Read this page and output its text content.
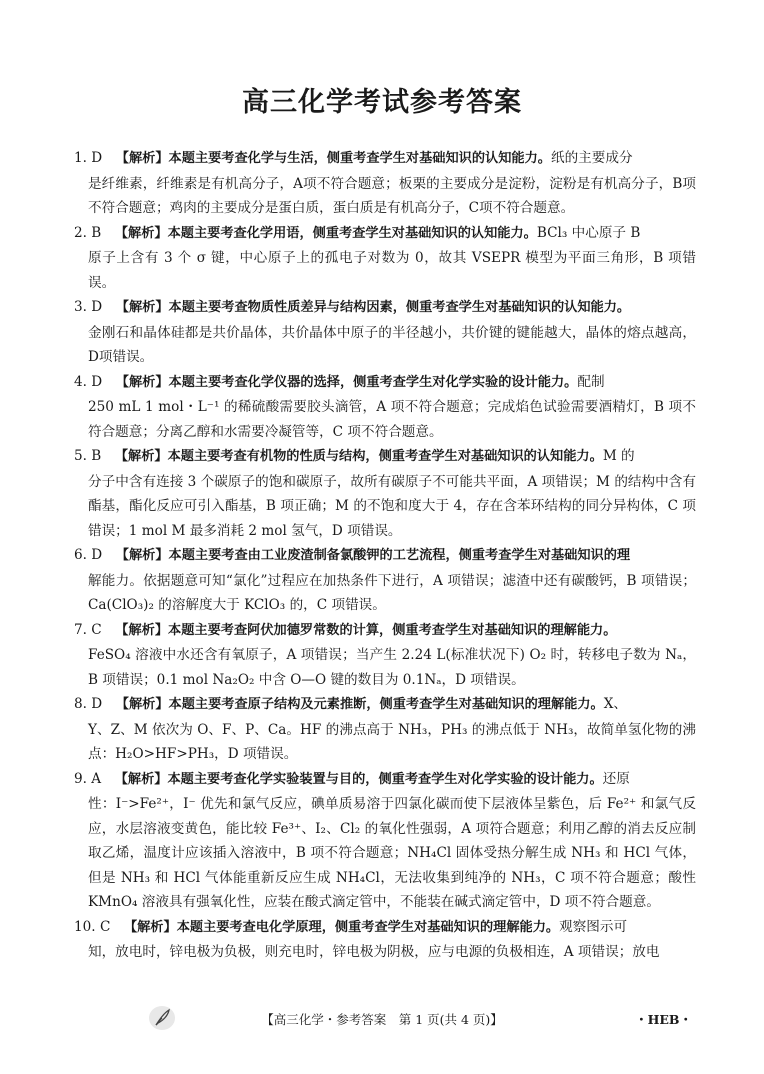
高三化学考试参考答案
1. D  【解析】本题主要考查化学与生活，侧重考查学生对基础知识的认知能力。纸的主要成分
是纤维素，纤维素是有机高分子，A项不符合题意；板栗的主要成分是淀粉，淀粉是有机高分子，B项不符合题意；鸡肉的主要成分是蛋白质，蛋白质是有机高分子，C项不符合题意。
2. B  【解析】本题主要考查化学用语，侧重考查学生对基础知识的认知能力。BCl₃ 中心原子 B
原子上含有 3 个 σ 键，中心原子上的孤电子对数为 0，故其 VSEPR 模型为平面三角形，B 项错误。
3. D  【解析】本题主要考查物质性质差异与结构因素，侧重考查学生对基础知识的认知能力。
金刚石和晶体硅都是共价晶体，共价晶体中原子的半径越小，共价键的键能越大，晶体的熔点越高，D项错误。
4. D  【解析】本题主要考查化学仪器的选择，侧重考查学生对化学实验的设计能力。配制
250 mL 1 mol・L⁻¹ 的稀硫酸需要胶头滴管，A 项不符合题意；完成焰色试验需要酒精灯，B 项不符合题意；分离乙醇和水需要冷凝管等，C 项不符合题意。
5. B  【解析】本题主要考查有机物的性质与结构，侧重考查学生对基础知识的认知能力。M 的
分子中含有连接 3 个碳原子的饱和碳原子，故所有碳原子不可能共平面，A 项错误；M 的结构中含有酯基，酯化反应可引入酯基，B 项正确；M 的不饱和度大于 4，存在含苯环结构的同分异构体，C 项错误；1 mol M 最多消耗 2 mol 氢气，D 项错误。
6. D  【解析】本题主要考查由工业废渣制备氯酸钾的工艺流程，侧重考查学生对基础知识的理
解能力。依据题意可知“氯化”过程应在加热条件下进行，A 项错误；滤渣中还有碳酸钙，B 项错误；Ca(ClO₃)₂ 的溶解度大于 KClO₃ 的，C 项错误。
7. C  【解析】本题主要考查阿伏加德罗常数的计算，侧重考查学生对基础知识的理解能力。
FeSO₄ 溶液中水还含有氧原子，A 项错误；当产生 2.24 L(标准状况下) O₂ 时，转移电子数为 Nₐ，B 项错误；0.1 mol Na₂O₂ 中含 O—O 键的数目为 0.1Nₐ，D 项错误。
8. D  【解析】本题主要考查原子结构及元素推断，侧重考查学生对基础知识的理解能力。X、
Y、Z、M 依次为 O、F、P、Ca。HF 的沸点高于 NH₃，PH₃ 的沸点低于 NH₃，故简单氢化物的沸点：H₂O>HF>PH₃，D 项错误。
9. A  【解析】本题主要考查化学实验装置与目的，侧重考查学生对化学实验的设计能力。还原
性：I⁻>Fe²⁺，I⁻ 优先和氯气反应，碘单质易溶于四氯化碳而使下层液体呈紫色，后 Fe²⁺ 和氯气反应，水层溶液变黄色，能比较 Fe³⁺、I₂、Cl₂ 的氧化性强弱，A 项符合题意；利用乙醇的消去反应制取乙烯，温度计应该插入溶液中，B 项不符合题意；NH₄Cl 固体受热分解生成 NH₃ 和 HCl 气体，但是 NH₃ 和 HCl 气体能重新反应生成 NH₄Cl，无法收集到纯净的 NH₃，C 项不符合题意；酸性 KMnO₄ 溶液具有强氧化性，应装在酸式滴定管中，不能装在碱式滴定管中，D 项不符合题意。
10. C  【解析】本题主要考查电化学原理，侧重考查学生对基础知识的理解能力。观察图示可
知，放电时，锌电极为负极，则充电时，锌电极为阴极，应与电源的负极相连，A 项错误；放电
【高三化学・参考答案　第 1 页(共 4 页)】	・HEB・
